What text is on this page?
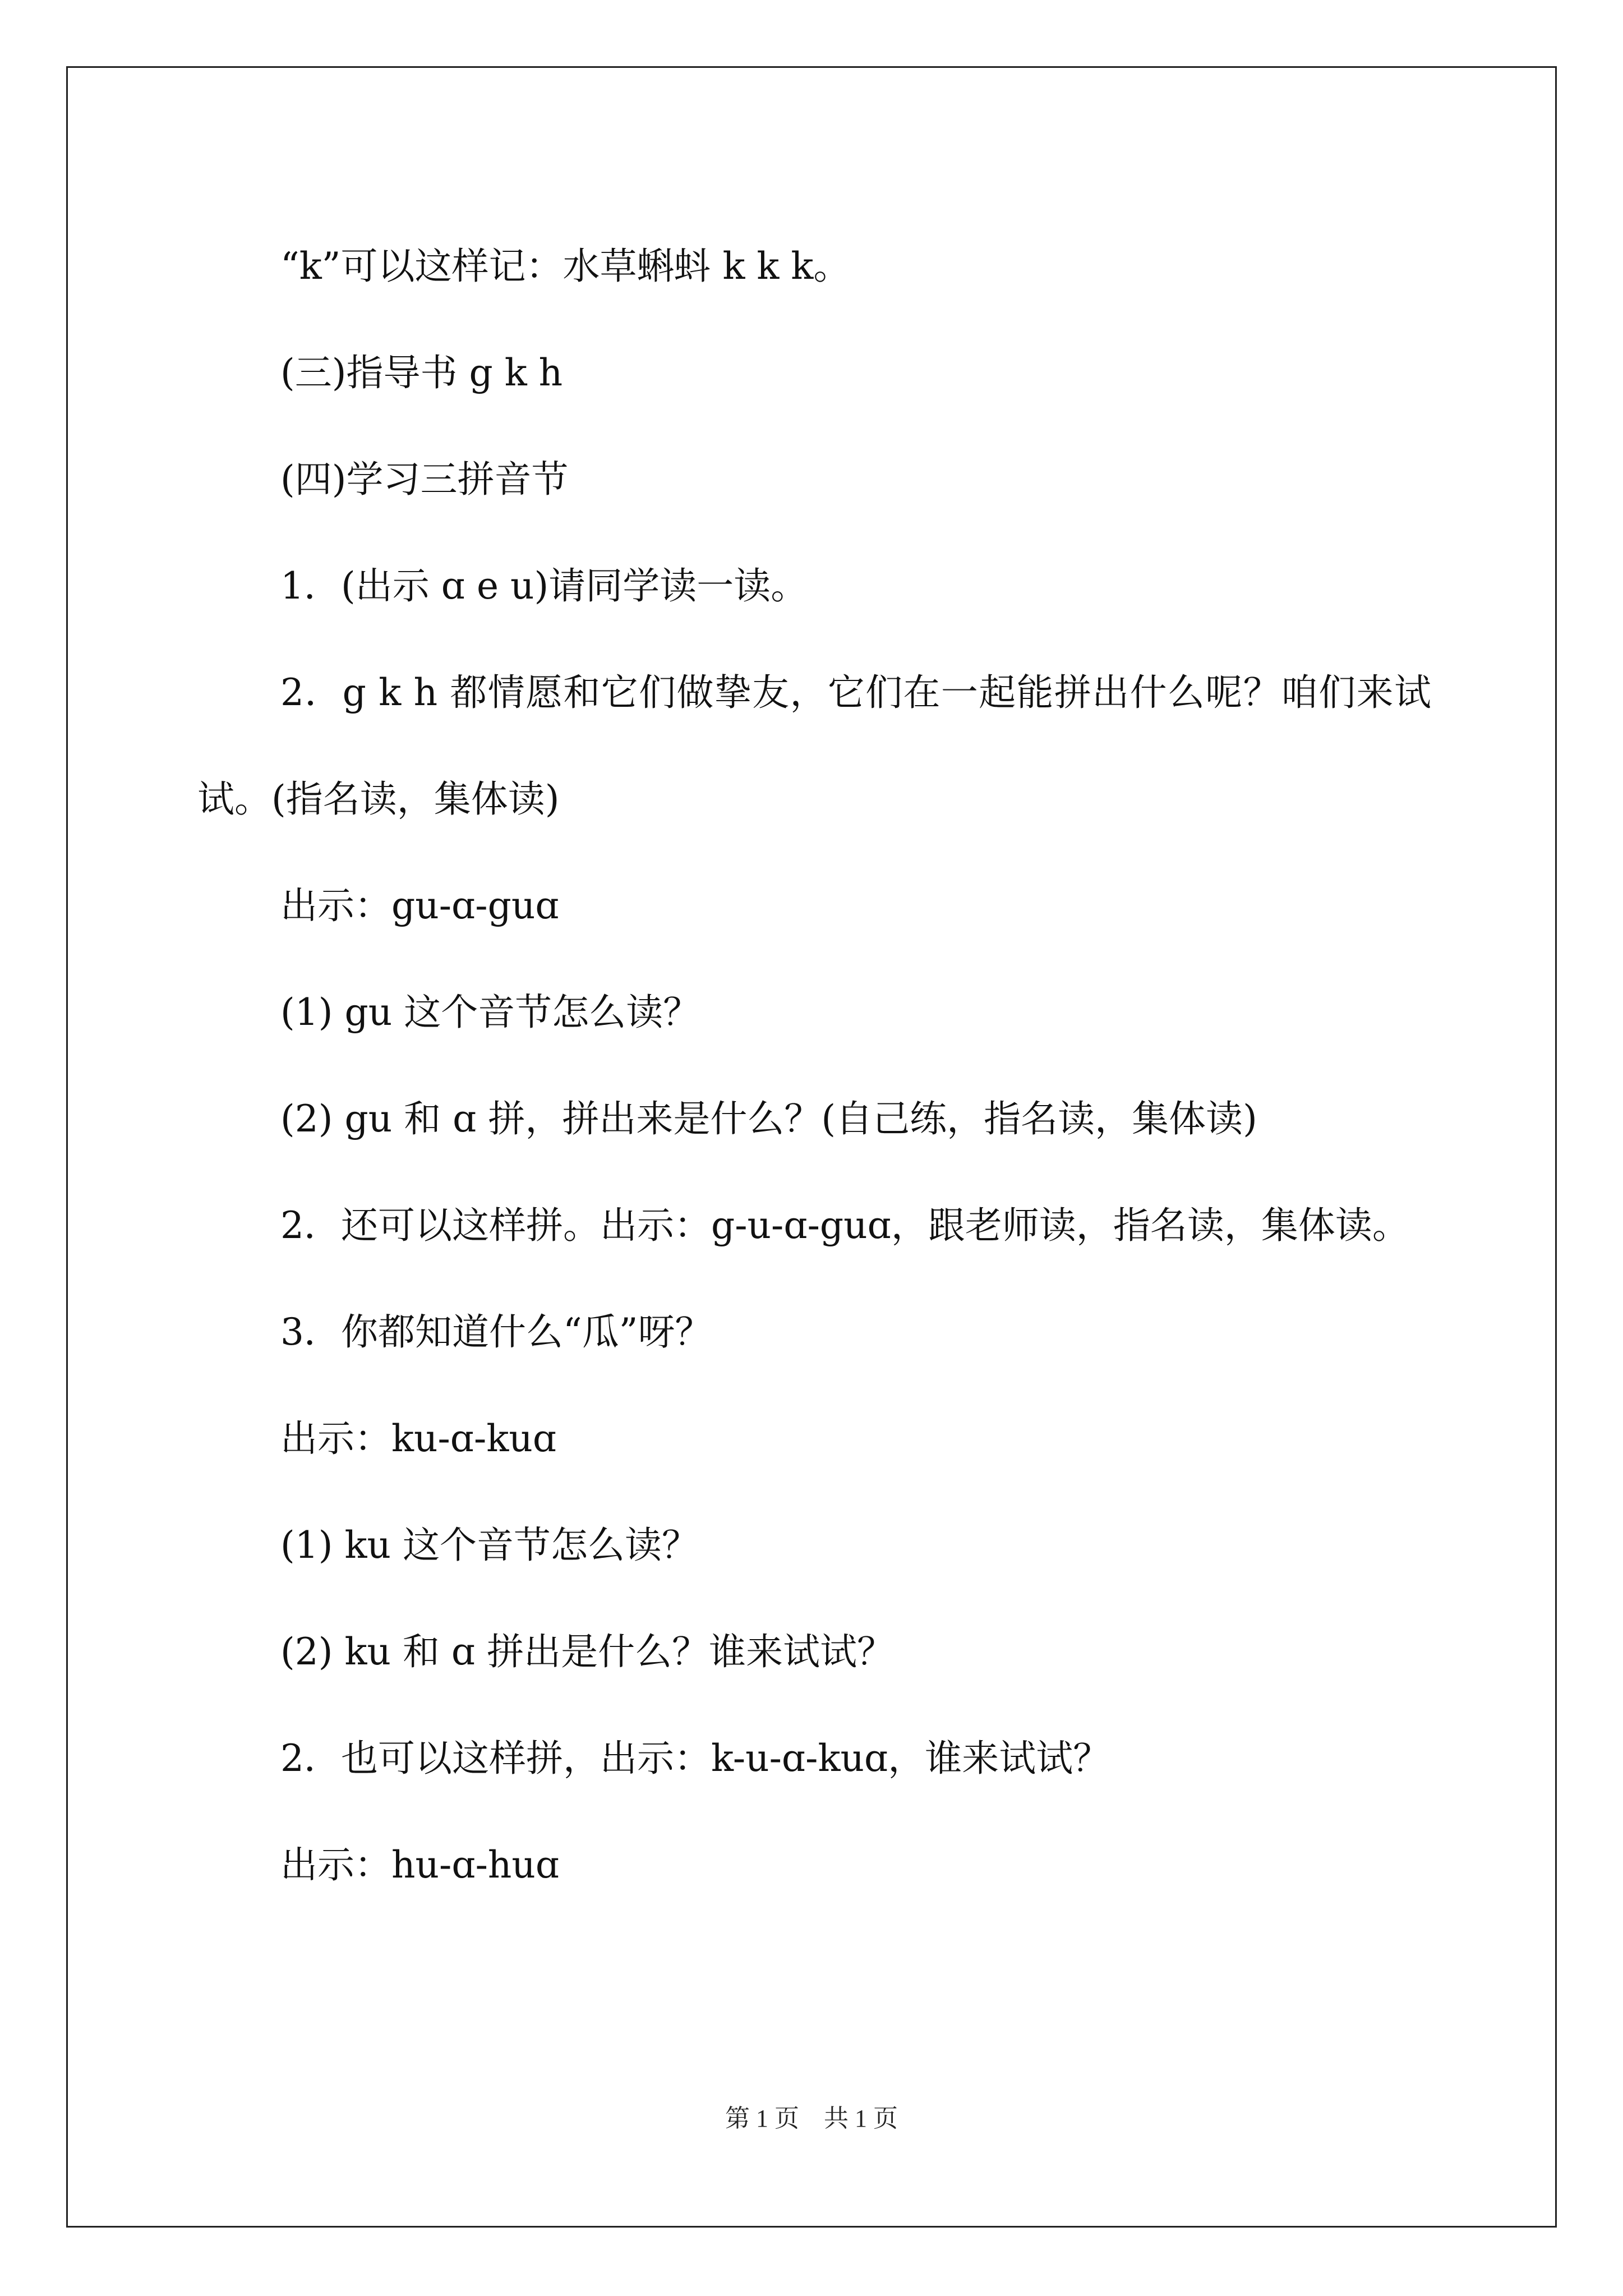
“k”可以这样记：水草蝌蚪 k k k。

(三)指导书 g k h

(四)学习三拼音节

1．(出示 ɑ e u)请同学读一读。

2．g k h 都情愿和它们做挚友，它们在一起能拼出什么呢？咱们来试试。(指名读，集体读)

出示：gu-ɑ-guɑ

(1) gu 这个音节怎么读？

(2) gu 和 ɑ 拼，拼出来是什么？(自己练，指名读，集体读)

2．还可以这样拼。出示：g-u-ɑ-guɑ，跟老师读，指名读，集体读。

3．你都知道什么“瓜”呀？

出示：ku-ɑ-kuɑ

(1) ku 这个音节怎么读？

(2) ku 和 ɑ 拼出是什么？谁来试试？

2．也可以这样拼，出示：k-u-ɑ-kuɑ，谁来试试？

出示：hu-ɑ-huɑ

第 1 页    共 1 页
